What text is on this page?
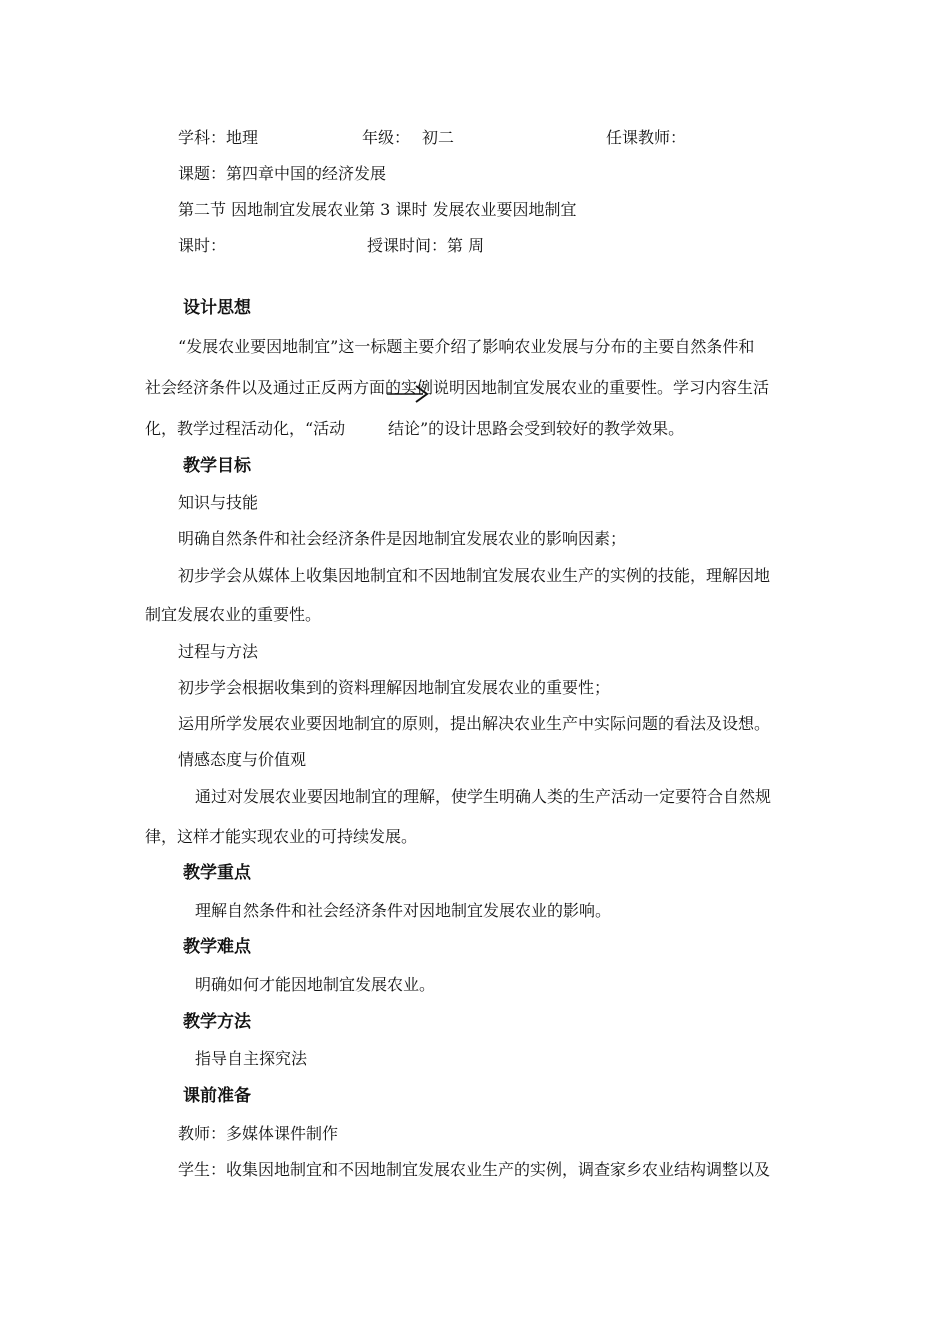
学科：地理	年级： 初二	任课教师：
课题：第四章中国的经济发展
第二节 因地制宜发展农业第 3 课时 发展农业要因地制宜
课时：	授课时间：第 周
设计思想
“发展农业要因地制宜”这一标题主要介绍了影响农业发展与分布的主要自然条件和
社会经济条件以及通过正反两方面的实例说明因地制宜发展农业的重要性。学习内容生活
化，教学过程活动化，“活动	结论”的设计思路会受到较好的教学效果。
教学目标
知识与技能
明确自然条件和社会经济条件是因地制宜发展农业的影响因素；
初步学会从媒体上收集因地制宜和不因地制宜发展农业生产的实例的技能，理解因地
制宜发展农业的重要性。
过程与方法
初步学会根据收集到的资料理解因地制宜发展农业的重要性；
运用所学发展农业要因地制宜的原则，提出解决农业生产中实际问题的看法及设想。
情感态度与价值观
通过对发展农业要因地制宜的理解，使学生明确人类的生产活动一定要符合自然规
律，这样才能实现农业的可持续发展。
教学重点
理解自然条件和社会经济条件对因地制宜发展农业的影响。
教学难点
明确如何才能因地制宜发展农业。
教学方法
指导自主探究法
课前准备
教师：多媒体课件制作
学生：收集因地制宜和不因地制宜发展农业生产的实例，调查家乡农业结构调整以及
